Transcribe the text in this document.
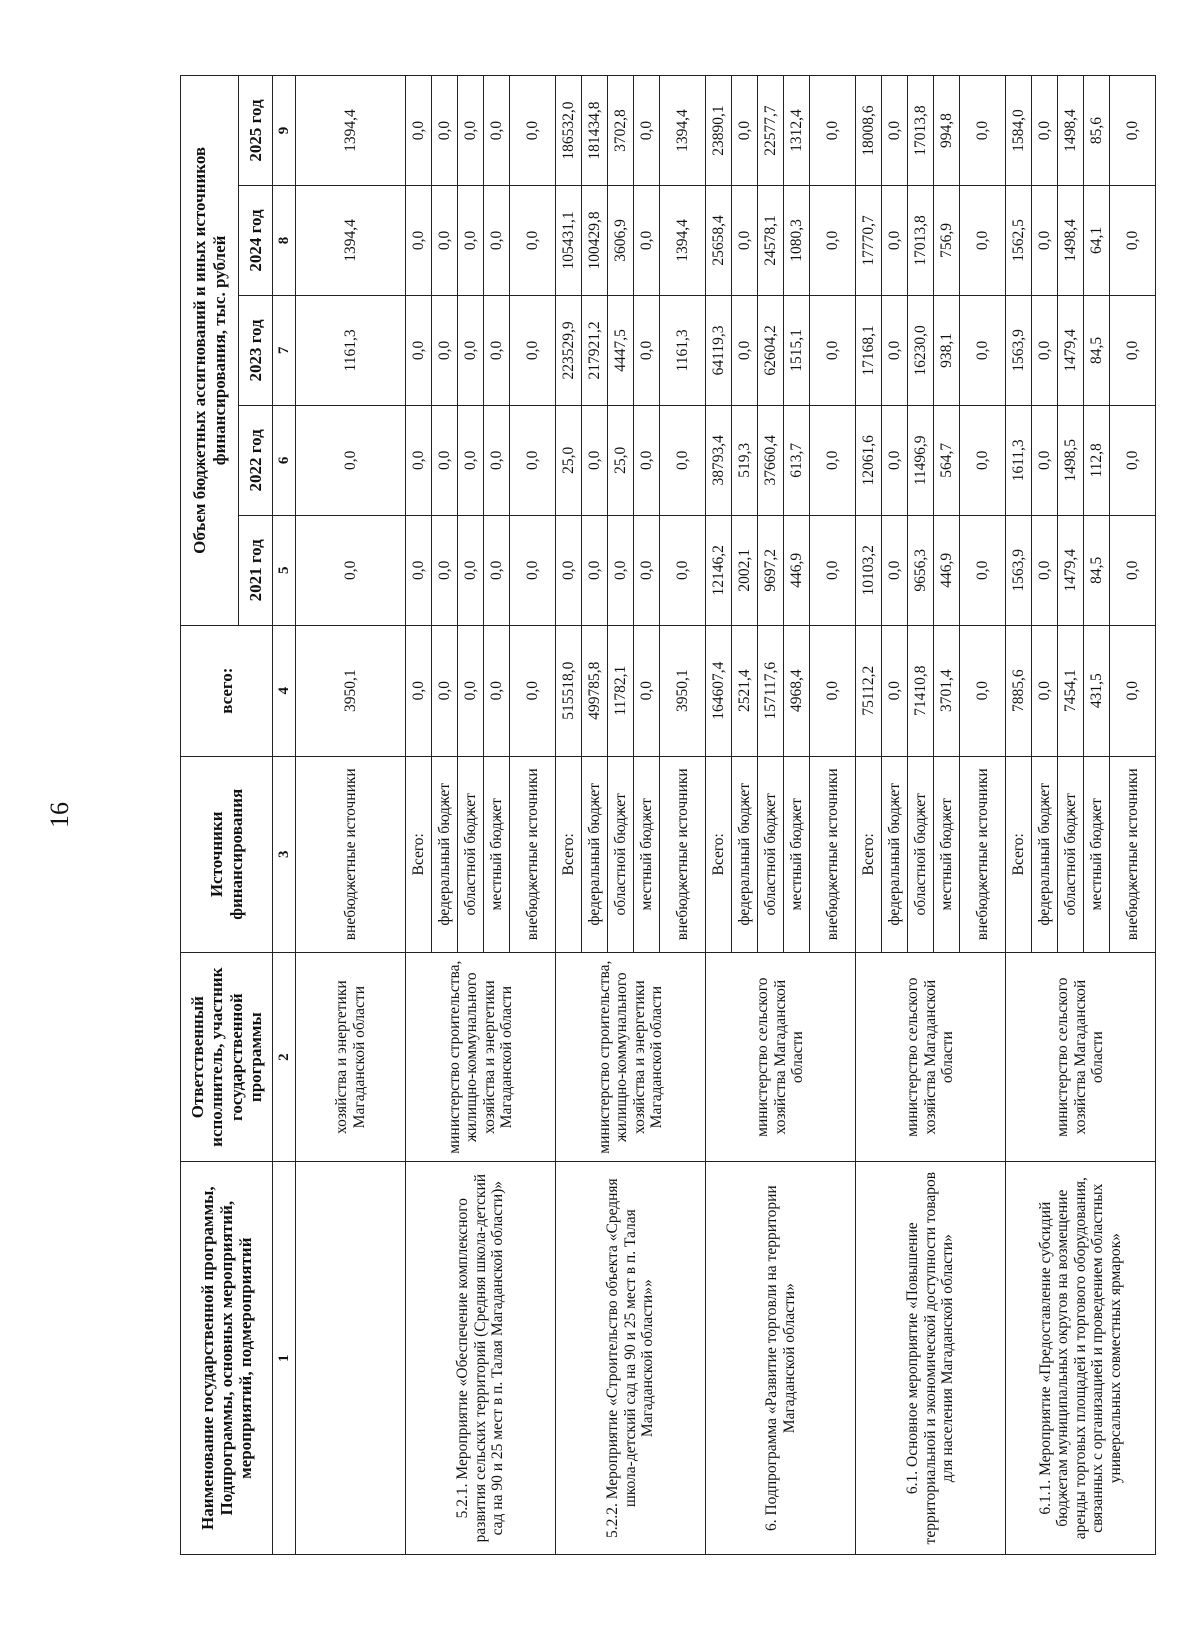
16
Наименование государственной программы, Подпрограммы, основных мероприятий, мероприятий, подмероприятий	Ответственный исполнитель, участник государственной программы	Источники финансирования	всего:	Объем бюджетных ассигнований и иных источников финансирования, тыс. рублей				
				2021 год	2022 год	2023 год	2024 год	2025 год
1	2	3	4	5	6	7	8	9
	хозяйства и энергетики Магаданской области	внебюджетные источники	3950,1	0,0	0,0	1161,3	1394,4	1394,4
5.2.1. Мероприятие «Обеспечение комплексного развития сельских территорий (Средняя школа-детский сад на 90 и 25 мест в п. Талая Магаданской области)»	министерство строительства, жилищно-коммунального хозяйства и энергетики Магаданской области	Всего:	0,0	0,0	0,0	0,0	0,0	0,0
		федеральный бюджет	0,0	0,0	0,0	0,0	0,0	0,0
		областной бюджет	0,0	0,0	0,0	0,0	0,0	0,0
		местный бюджет	0,0	0,0	0,0	0,0	0,0	0,0
		внебюджетные источники	0,0	0,0	0,0	0,0	0,0	0,0
5.2.2. Мероприятие «Строительство объекта «Средняя школа-детский сад на 90 и 25 мест в п. Талая Магаданской области»»	министерство строительства, жилищно-коммунального хозяйства и энергетики Магаданской области	Всего:	515518,0	0,0	25,0	223529,9	105431,1	186532,0
		федеральный бюджет	499785,8	0,0	0,0	217921,2	100429,8	181434,8
		областной бюджет	11782,1	0,0	25,0	4447,5	3606,9	3702,8
		местный бюджет	0,0	0,0	0,0	0,0	0,0	0,0
		внебюджетные источники	3950,1	0,0	0,0	1161,3	1394,4	1394,4
6. Подпрограмма «Развитие торговли на территории Магаданской области»	министерство сельского хозяйства Магаданской области	Всего:	164607,4	12146,2	38793,4	64119,3	25658,4	23890,1
		федеральный бюджет	2521,4	2002,1	519,3	0,0	0,0	0,0
		областной бюджет	157117,6	9697,2	37660,4	62604,2	24578,1	22577,7
		местный бюджет	4968,4	446,9	613,7	1515,1	1080,3	1312,4
		внебюджетные источники	0,0	0,0	0,0	0,0	0,0	0,0
6.1. Основное мероприятие «Повышение территориальной и экономической доступности товаров для населения Магаданской области»	министерство сельского хозяйства Магаданской области	Всего:	75112,2	10103,2	12061,6	17168,1	17770,7	18008,6
		федеральный бюджет	0,0	0,0	0,0	0,0	0,0	0,0
		областной бюджет	71410,8	9656,3	11496,9	16230,0	17013,8	17013,8
		местный бюджет	3701,4	446,9	564,7	938,1	756,9	994,8
		внебюджетные источники	0,0	0,0	0,0	0,0	0,0	0,0
6.1.1. Мероприятие «Предоставление субсидий бюджетам муниципальных округов на возмещение аренды торговых площадей и торгового оборудования, связанных с организацией и проведением областных универсальных совместных ярмарок»	министерство сельского хозяйства Магаданской области	Всего:	7885,6	1563,9	1611,3	1563,9	1562,5	1584,0
		федеральный бюджет	0,0	0,0	0,0	0,0	0,0	0,0
		областной бюджет	7454,1	1479,4	1498,5	1479,4	1498,4	1498,4
		местный бюджет	431,5	84,5	112,8	84,5	64,1	85,6
		внебюджетные источники	0,0	0,0	0,0	0,0	0,0	0,0
